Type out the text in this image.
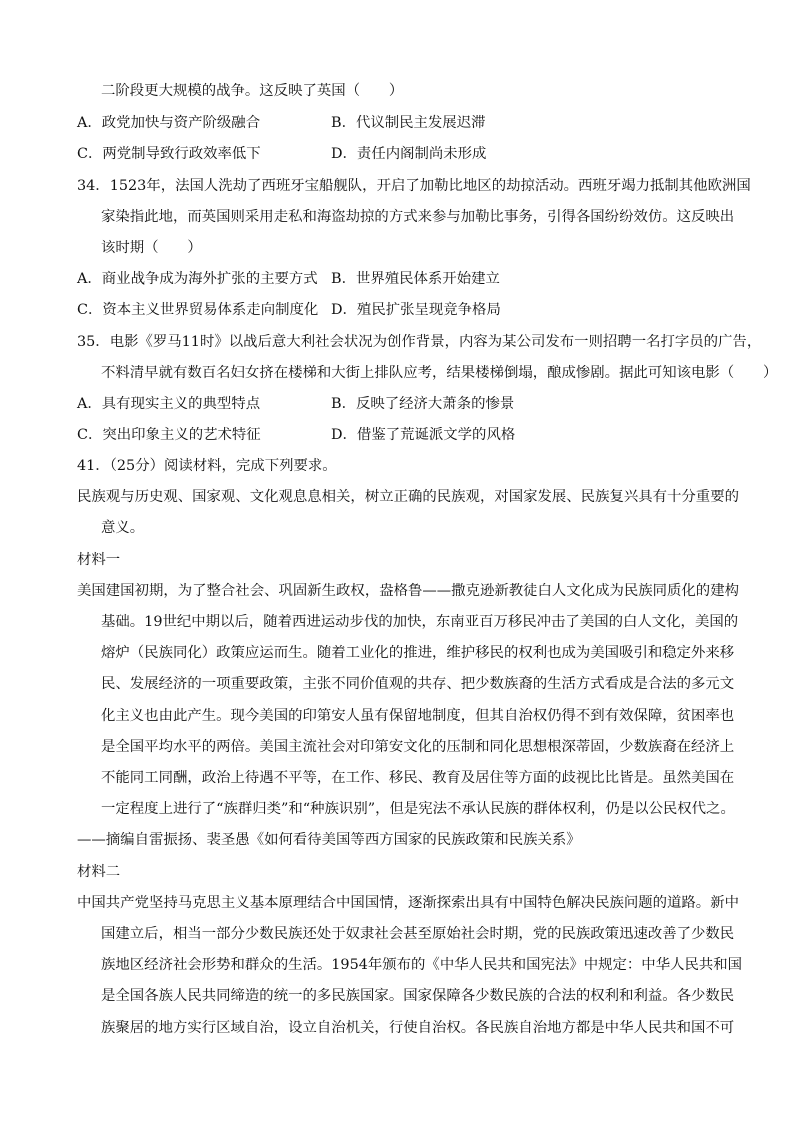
二阶段更大规模的战争。这反映了英国（　　）
A．政党加快与资产阶级融合	B．代议制民主发展迟滞
C．两党制导致行政效率低下	D．责任内阁制尚未形成
34．1523年，法国人洗劫了西班牙宝船舰队，开启了加勒比地区的劫掠活动。西班牙竭力抵制其他欧洲国
家染指此地，而英国则采用走私和海盗劫掠的方式来参与加勒比事务，引得各国纷纷效仿。这反映出
该时期（　　）
A．商业战争成为海外扩张的主要方式 B．世界殖民体系开始建立
C．资本主义世界贸易体系走向制度化 D．殖民扩张呈现竞争格局
35．电影《罗马11时》以战后意大利社会状况为创作背景，内容为某公司发布一则招聘一名打字员的广告，
不料清早就有数百名妇女挤在楼梯和大街上排队应考，结果楼梯倒塌，酿成惨剧。据此可知该电影（　　）
A．具有现实主义的典型特点	B．反映了经济大萧条的惨景
C．突出印象主义的艺术特征	D．借鉴了荒诞派文学的风格
41．（25分）阅读材料，完成下列要求。
民族观与历史观、国家观、文化观息息相关，树立正确的民族观，对国家发展、民族复兴具有十分重要的
意义。
材料一
美国建国初期，为了整合社会、巩固新生政权，盎格鲁——撒克逊新教徒白人文化成为民族同质化的建构
基础。19世纪中期以后，随着西进运动步伐的加快，东南亚百万移民冲击了美国的白人文化，美国的
熔炉（民族同化）政策应运而生。随着工业化的推进，维护移民的权利也成为美国吸引和稳定外来移
民、发展经济的一项重要政策，主张不同价值观的共存、把少数族裔的生活方式看成是合法的多元文
化主义也由此产生。现今美国的印第安人虽有保留地制度，但其自治权仍得不到有效保障，贫困率也
是全国平均水平的两倍。美国主流社会对印第安文化的压制和同化思想根深蒂固，少数族裔在经济上
不能同工同酬，政治上待遇不平等，在工作、移民、教育及居住等方面的歧视比比皆是。虽然美国在
一定程度上进行了“族群归类”和“种族识别”，但是宪法不承认民族的群体权利，仍是以公民权代之。
——摘编自雷振扬、裴圣愚《如何看待美国等西方国家的民族政策和民族关系》
材料二
中国共产党坚持马克思主义基本原理结合中国国情，逐渐探索出具有中国特色解决民族问题的道路。新中
国建立后，相当一部分少数民族还处于奴隶社会甚至原始社会时期，党的民族政策迅速改善了少数民
族地区经济社会形势和群众的生活。1954年颁布的《中华人民共和国宪法》中规定：中华人民共和国
是全国各族人民共同缔造的统一的多民族国家。国家保障各少数民族的合法的权利和利益。各少数民
族聚居的地方实行区域自治，设立自治机关，行使自治权。各民族自治地方都是中华人民共和国不可
